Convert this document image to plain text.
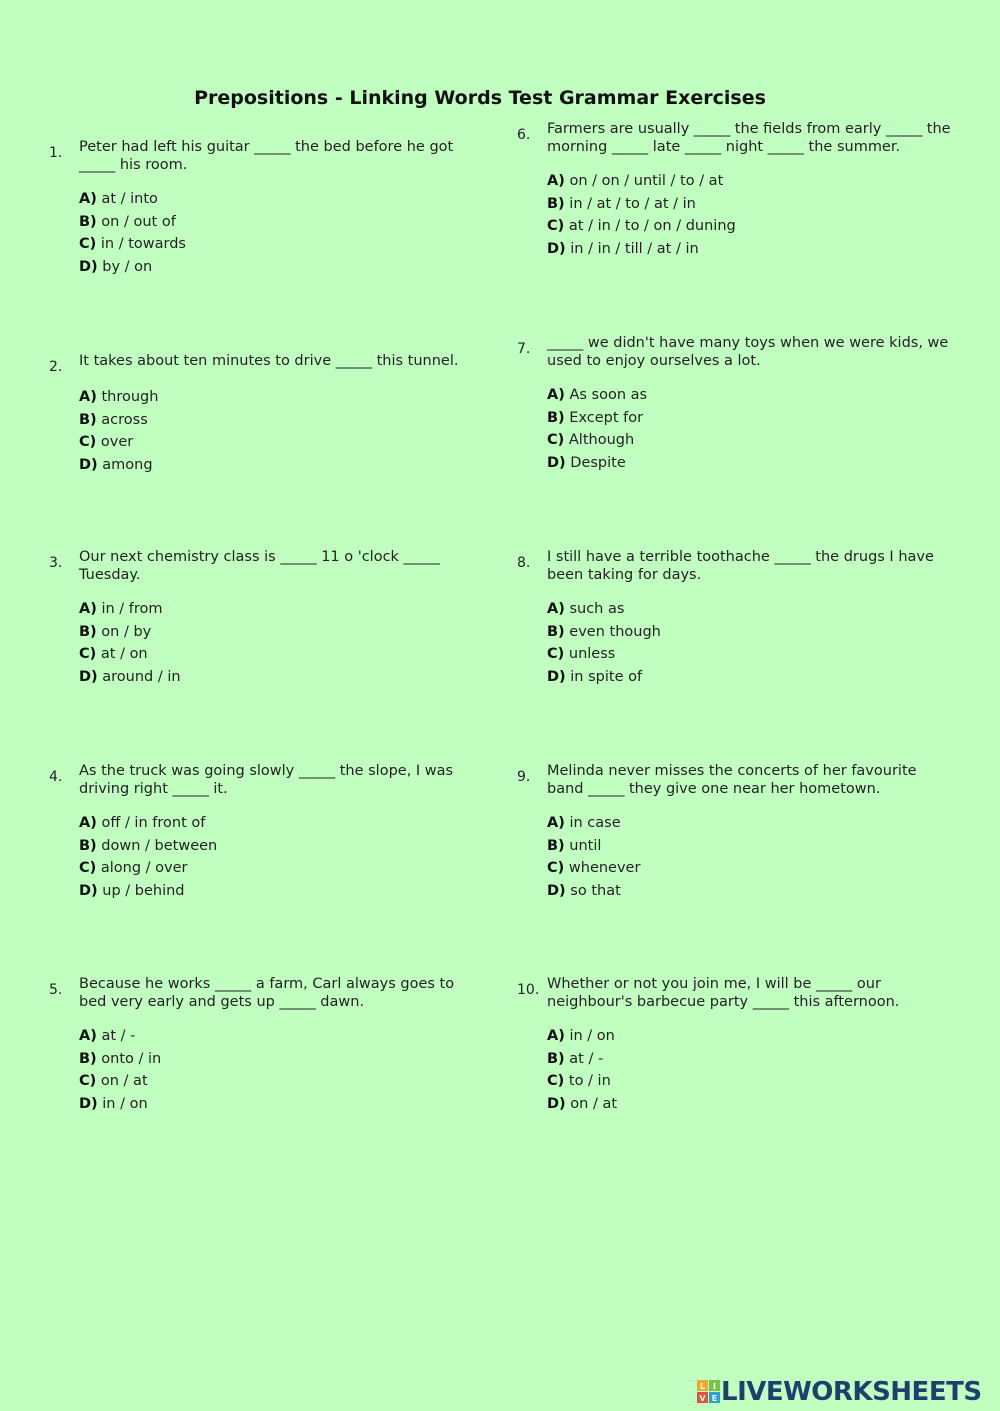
Prepositions - Linking Words Test Grammar Exercises
1. Peter had left his guitar _____ the bed before he got _____ his room.
A) at / into
B) on / out of
C) in / towards
D) by / on
2. It takes about ten minutes to drive _____ this tunnel.
A) through
B) across
C) over
D) among
3. Our next chemistry class is _____ 11 o 'clock _____ Tuesday.
A) in / from
B) on / by
C) at / on
D) around / in
4. As the truck was going slowly _____ the slope, I was driving right _____ it.
A) off / in front of
B) down / between
C) along / over
D) up / behind
5. Because he works _____ a farm, Carl always goes to bed very early and gets up _____ dawn.
A) at / -
B) onto / in
C) on / at
D) in / on
6. Farmers are usually _____ the fields from early _____ the morning _____ late _____ night _____ the summer.
A) on / on / until / to / at
B) in / at / to / at / in
C) at / in / to / on / duning
D) in / in / till / at / in
7. _____ we didn't have many toys when we were kids, we used to enjoy ourselves a lot.
A) As soon as
B) Except for
C) Although
D) Despite
8. I still have a terrible toothache _____ the drugs I have been taking for days.
A) such as
B) even though
C) unless
D) in spite of
9. Melinda never misses the concerts of her favourite band _____ they give one near her hometown.
A) in case
B) until
C) whenever
D) so that
10. Whether or not you join me, I will be _____ our neighbour's barbecue party _____ this afternoon.
A) in / on
B) at / -
C) to / in
D) on / at
L I
V E LIVEWORKSHEETS
